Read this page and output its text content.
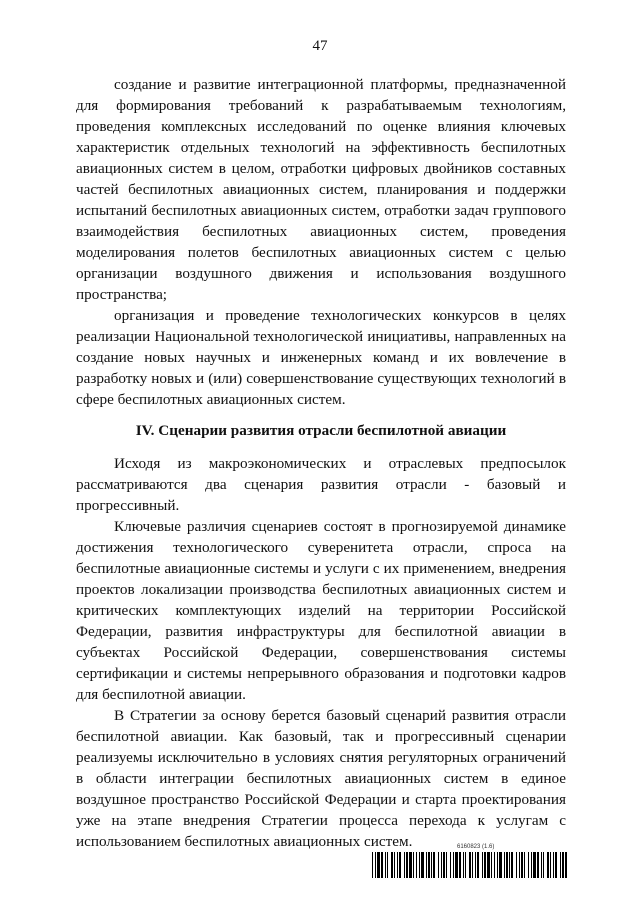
47

создание и развитие интеграционной платформы, предназначенной для формирования требований к разрабатываемым технологиям, проведения комплексных исследований по оценке влияния ключевых характеристик отдельных технологий на эффективность беспилотных авиационных систем в целом, отработки цифровых двойников составных частей беспилотных авиационных систем, планирования и поддержки испытаний беспилотных авиационных систем, отработки задач группового взаимодействия беспилотных авиационных систем, проведения моделирования полетов беспилотных авиационных систем с целью организации воздушного движения и использования воздушного пространства;

организация и проведение технологических конкурсов в целях реализации Национальной технологической инициативы, направленных на создание новых научных и инженерных команд и их вовлечение в разработку новых и (или) совершенствование существующих технологий в сфере беспилотных авиационных систем.

IV. Сценарии развития отрасли беспилотной авиации

Исходя из макроэкономических и отраслевых предпосылок рассматриваются два сценария развития отрасли - базовый и прогрессивный.

Ключевые различия сценариев состоят в прогнозируемой динамике достижения технологического суверенитета отрасли, спроса на беспилотные авиационные системы и услуги с их применением, внедрения проектов локализации производства беспилотных авиационных систем и критических комплектующих изделий на территории Российской Федерации, развития инфраструктуры для беспилотной авиации в субъектах Российской Федерации, совершенствования системы сертификации и системы непрерывного образования и подготовки кадров для беспилотной авиации.

В Стратегии за основу берется базовый сценарий развития отрасли беспилотной авиации. Как базовый, так и прогрессивный сценарии реализуемы исключительно в условиях снятия регуляторных ограничений в области интеграции беспилотных авиационных систем в единое воздушное пространство Российской Федерации и старта проектирования уже на этапе внедрения Стратегии процесса перехода к услугам с использованием беспилотных авиационных систем.	6160823 (1.6)
